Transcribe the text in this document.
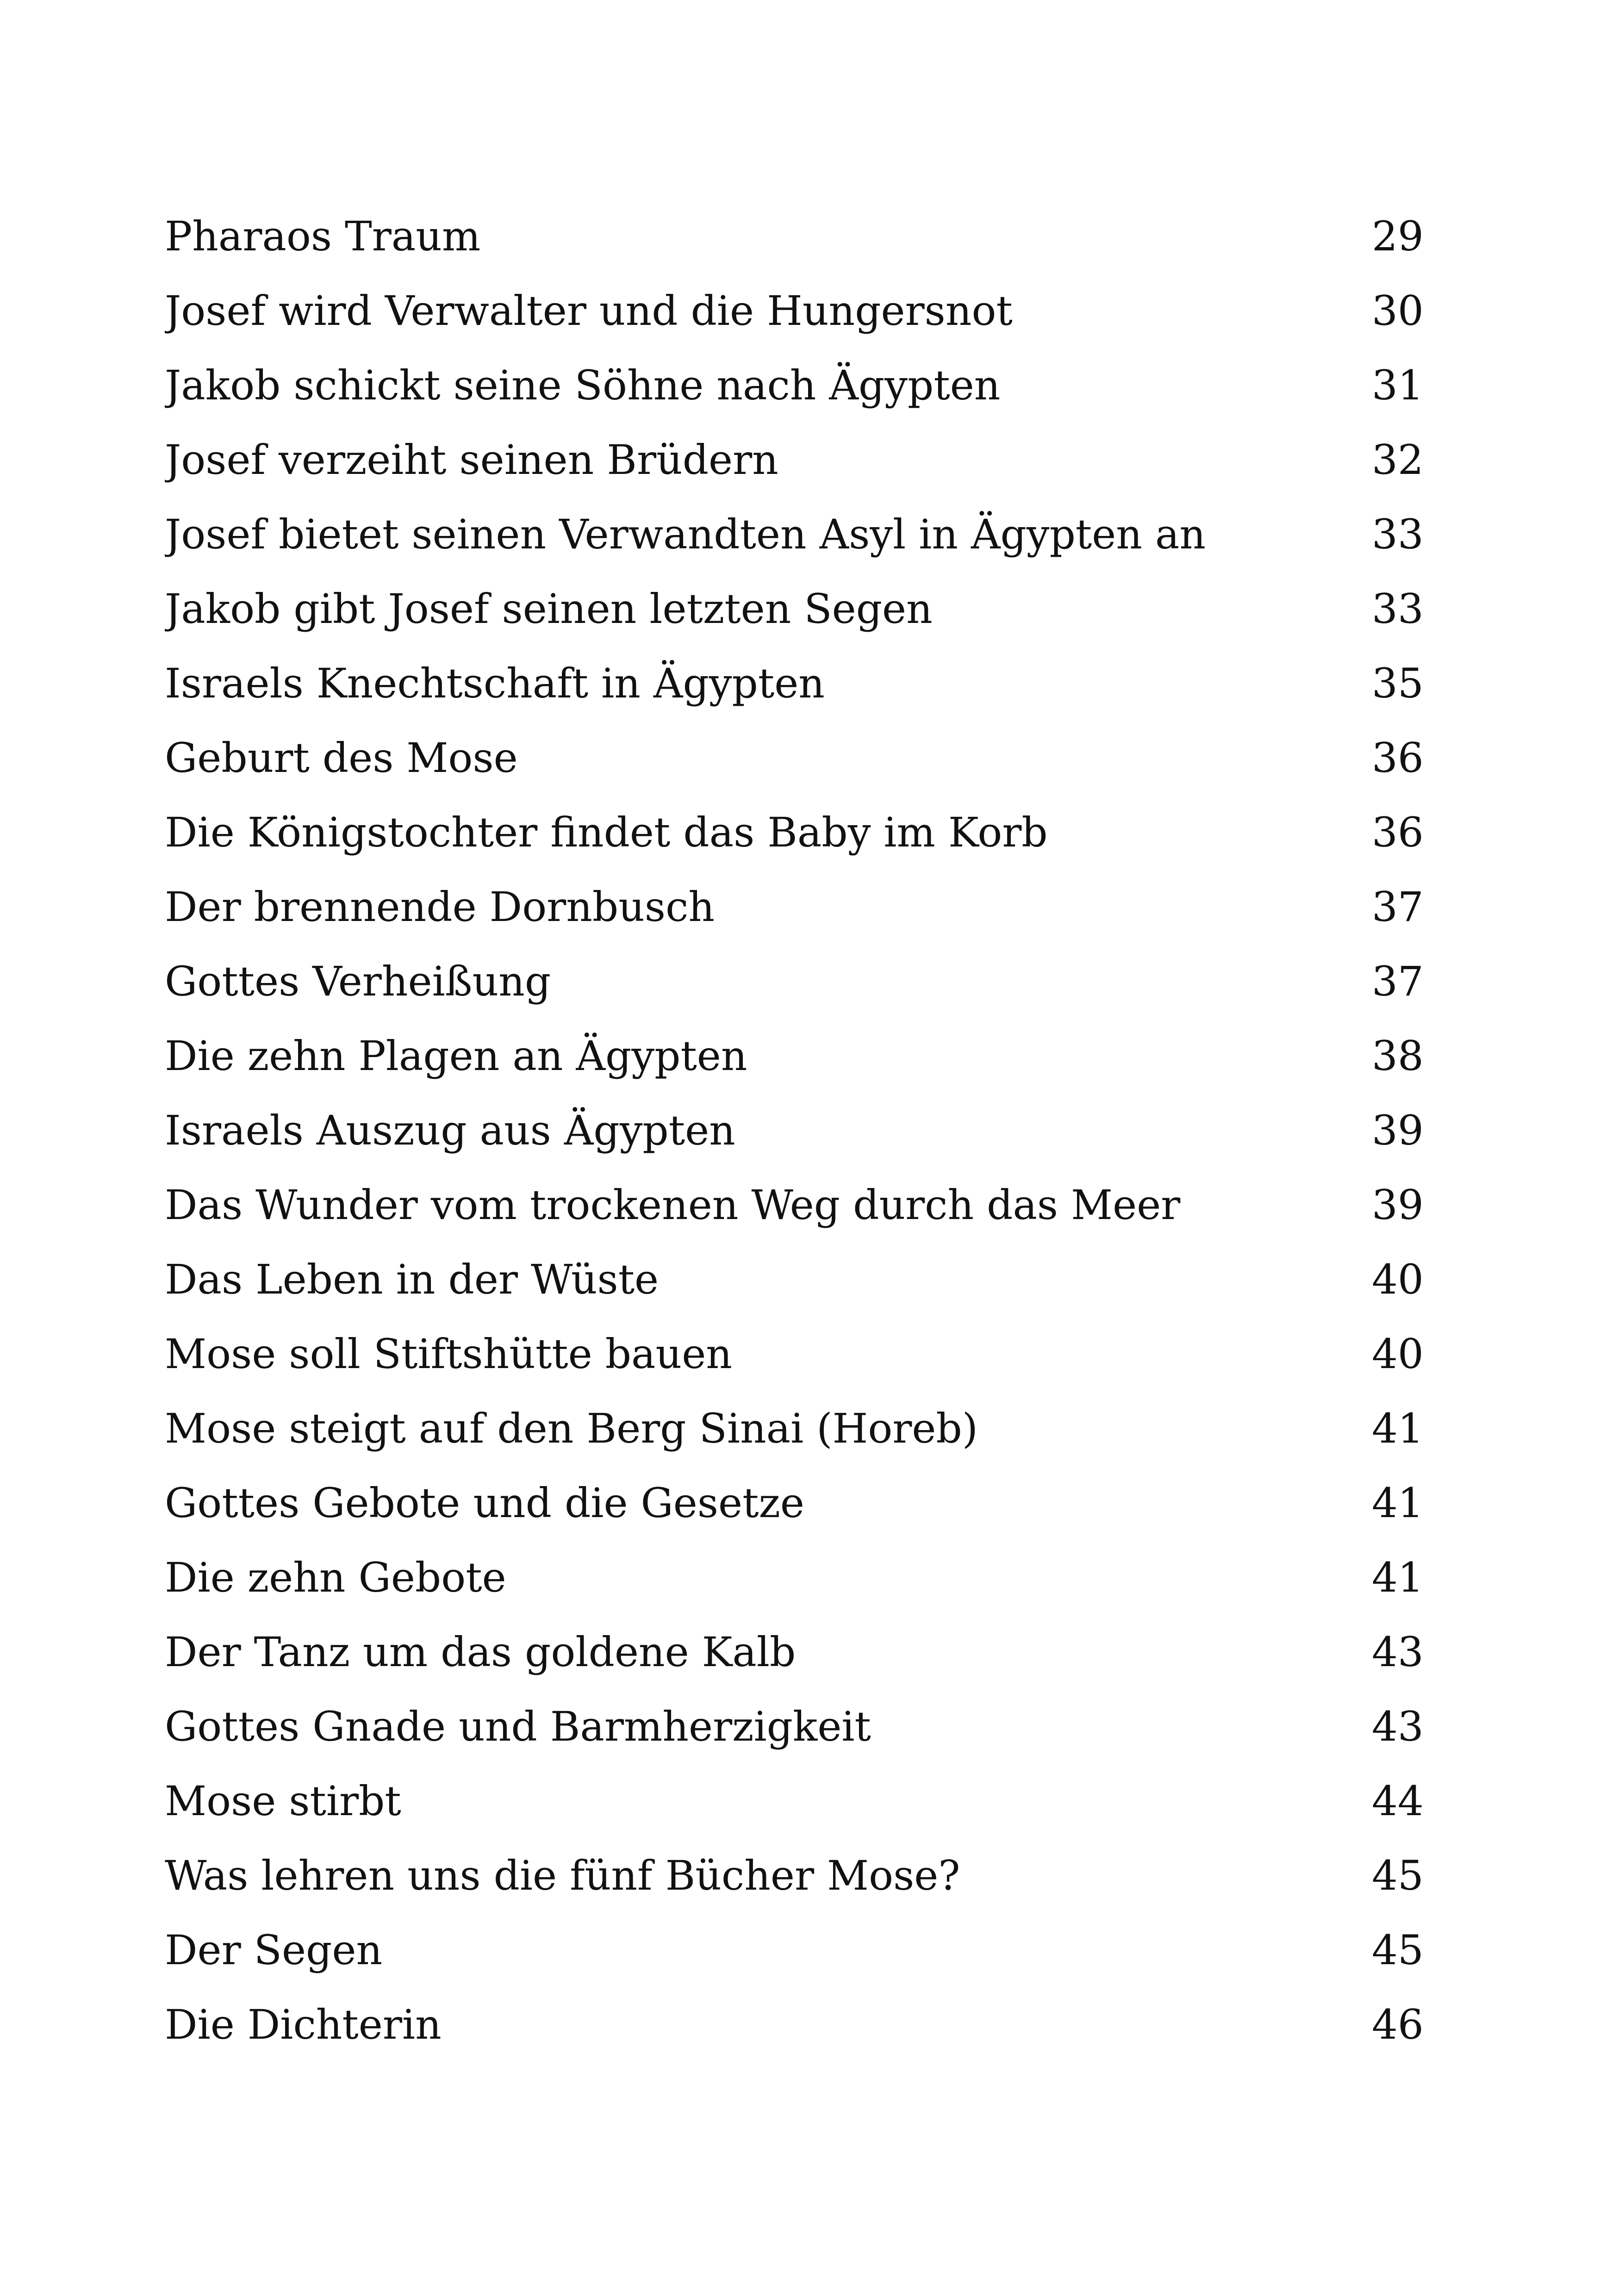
Pharaos Traum	29
Josef wird Verwalter und die Hungersnot	30
Jakob schickt seine Söhne nach Ägypten	31
Josef verzeiht seinen Brüdern	32
Josef bietet seinen Verwandten Asyl in Ägypten an	33
Jakob gibt Josef seinen letzten Segen	33
Israels Knechtschaft in Ägypten	35
Geburt des Mose	36
Die Königstochter findet das Baby im Korb	36
Der brennende Dornbusch	37
Gottes Verheißung	37
Die zehn Plagen an Ägypten	38
Israels Auszug aus Ägypten	39
Das Wunder vom trockenen Weg durch das Meer	39
Das Leben in der Wüste	40
Mose soll Stiftshütte bauen	40
Mose steigt auf den Berg Sinai (Horeb)	41
Gottes Gebote und die Gesetze	41
Die zehn Gebote	41
Der Tanz um das goldene Kalb	43
Gottes Gnade und Barmherzigkeit	43
Mose stirbt	44
Was lehren uns die fünf Bücher Mose?	45
Der Segen	45
Die Dichterin	46
